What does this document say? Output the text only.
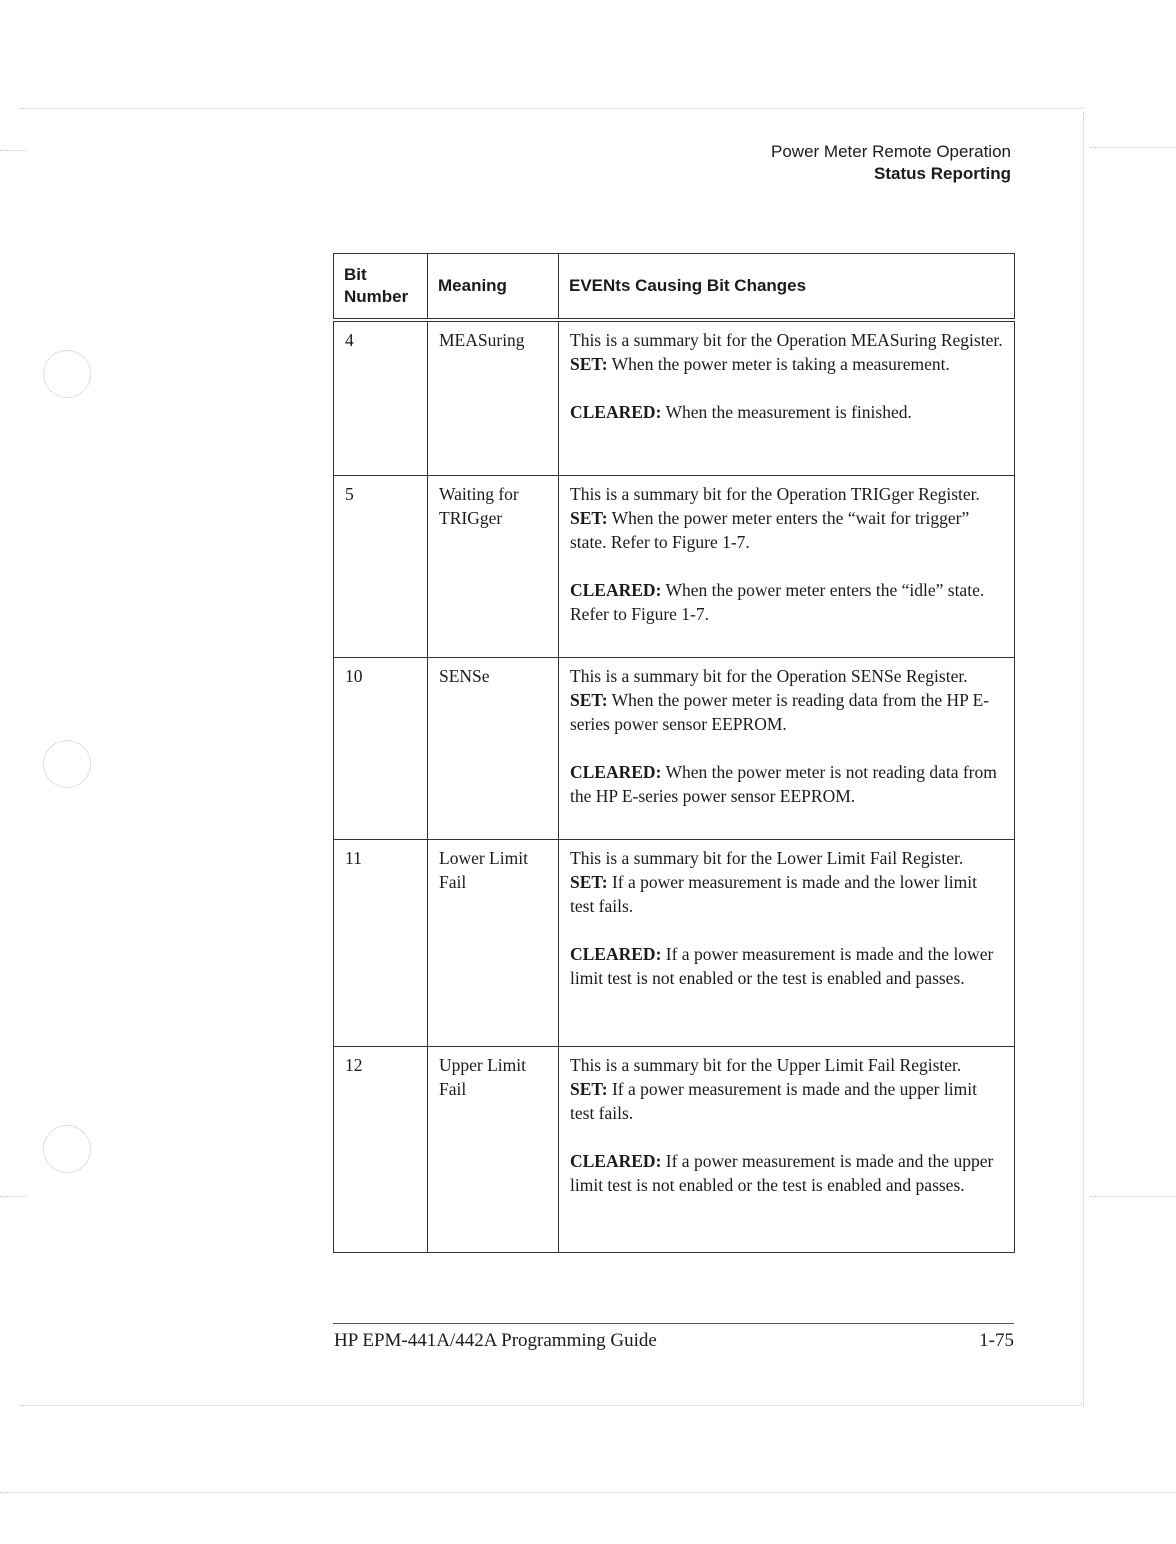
Power Meter Remote Operation
Status Reporting
Bit Number	Meaning	EVENts Causing Bit Changes
4	MEASuring	This is a summary bit for the Operation MEASuring Register.
SET: When the power meter is taking a measurement.
CLEARED: When the measurement is finished.

5	Waiting for TRIGger	This is a summary bit for the Operation TRIGger Register.
SET: When the power meter enters the “wait for trigger” state. Refer to Figure 1-7.
CLEARED: When the power meter enters the “idle” state. Refer to Figure 1-7.

10	SENSe	This is a summary bit for the Operation SENSe Register.
SET: When the power meter is reading data from the HP E-series power sensor EEPROM.
CLEARED: When the power meter is not reading data from the HP E-series power sensor EEPROM.

11	Lower Limit Fail	This is a summary bit for the Lower Limit Fail Register.
SET: If a power measurement is made and the lower limit test fails.
CLEARED: If a power measurement is made and the lower limit test is not enabled or the test is enabled and passes.

12	Upper Limit Fail	This is a summary bit for the Upper Limit Fail Register.
SET: If a power measurement is made and the upper limit test fails.
CLEARED: If a power measurement is made and the upper limit test is not enabled or the test is enabled and passes.
HP EPM-441A/442A Programming Guide	1-75
